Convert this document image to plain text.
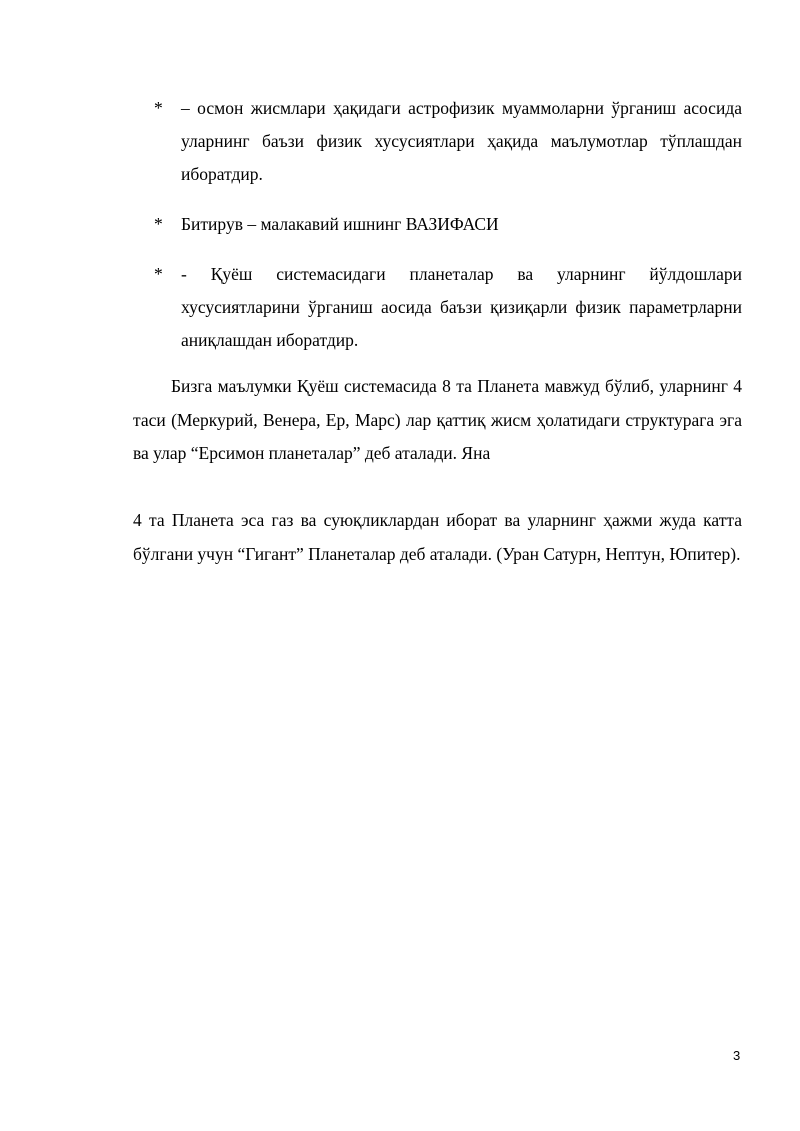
*	– осмон жисмлари ҳақидаги астрофизик муаммоларни ўрганиш асосида уларнинг баъзи физик хусусиятлари ҳақида маълумотлар тўплашдан иборатдир.
*	Битирув – малакавий ишнинг ВАЗИФАСИ
*	- Қуёш системасидаги планеталар ва уларнинг йўлдошлари хусусиятларини ўрганиш аосида баъзи қизиқарли физик параметрларни аниқлашдан иборатдир.

Бизга маълумки Қуёш системасида 8 та Планета мавжуд бўлиб, уларнинг 4 таси (Меркурий, Венера, Ер, Марс) лар қаттиқ жисм ҳолатидаги структурага эга ва улар “Ерсимон планеталар” деб аталади. Яна

4 та Планета эса газ ва суюқликлардан иборат ва уларнинг ҳажми жуда катта бўлгани учун “Гигант” Планеталар деб аталади. (Уран Сатурн, Нептун, Юпитер).

3
